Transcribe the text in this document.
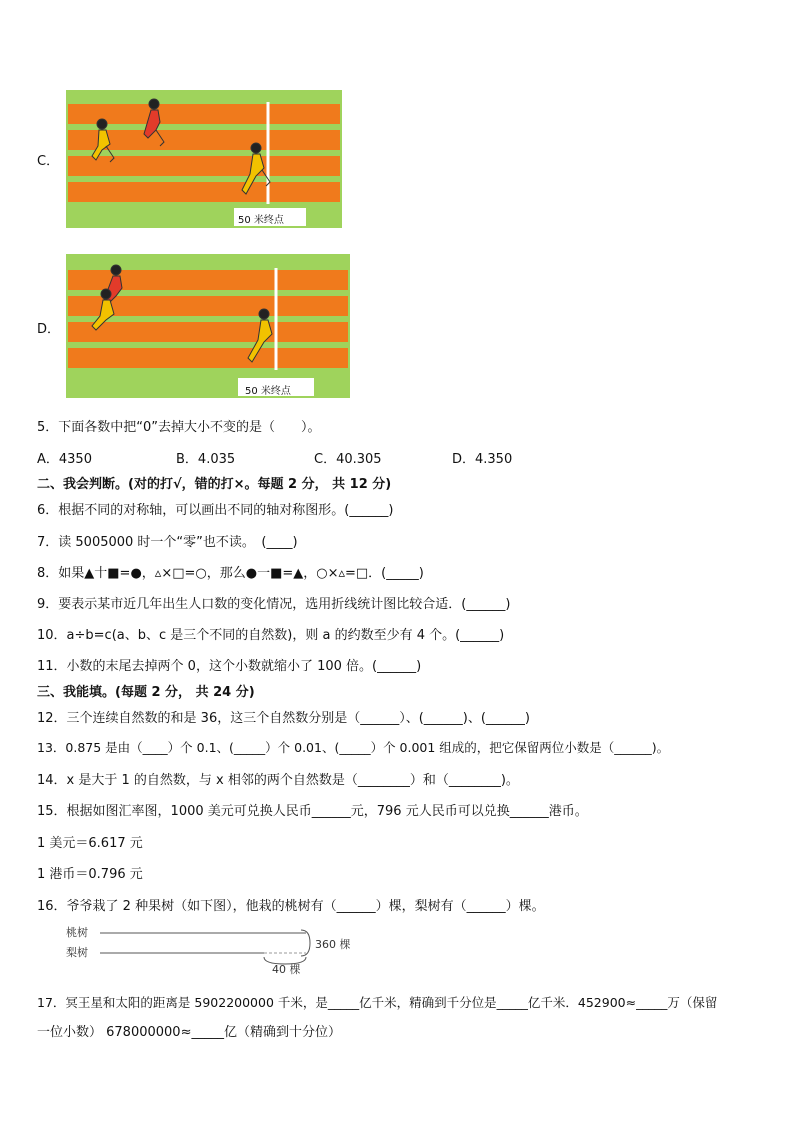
C．
50 米终点
D．
50 米终点
5．下面各数中把“0”去掉大小不变的是（　　）。
A．4350	B．4.035	C．40.305	D．4.350
二、我会判断。(对的打√，错的打×。每题 2 分， 共 12 分)
6．根据不同的对称轴，可以画出不同的轴对称图形。(______)
7．读 5005000 时一个“零”也不读。　(____)
8．如果▲十■=●，▵×□=○，那么●一■=▲，○×▵=□．(_____)
9．要表示某市近几年出生人口数的变化情况，选用折线统计图比较合适．(______)
10．a÷b=c(a、b、c 是三个不同的自然数)，则 a 的约数至少有 4 个。(______)
11．小数的末尾去掉两个 0，这个小数就缩小了 100 倍。(______)
三、我能填。(每题 2 分， 共 24 分)
12．三个连续自然数的和是 36，这三个自然数分别是（______）、(______)、(______)
13．0.875 是由（____）个 0.1、(_____）个 0.01、(_____）个 0.001 组成的，把它保留两位小数是（______)。
14．x 是大于 1 的自然数，与 x 相邻的两个自然数是（________）和（________)。
15．根据如图汇率图，1000 美元可兑换人民币______元，796 元人民币可以兑换______港币。
1 美元＝6.617 元
1 港币＝0.796 元
16．爷爷栽了 2 种果树（如下图），他栽的桃树有（______）棵，梨树有（______）棵。
桃树
梨树
360 棵
40 棵
17．冥王星和太阳的距离是 5902200000 千米，是_____亿千米，精确到千分位是_____亿千米．452900≈_____万（保留
一位小数） 678000000≈_____亿（精确到十分位）
